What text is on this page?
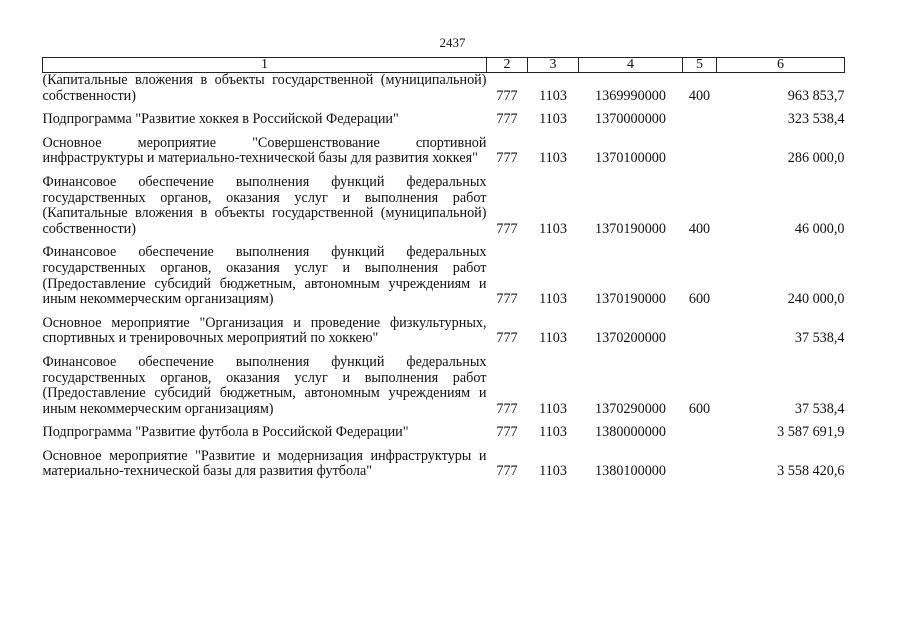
2437
1	2	3	4	5	6
(Капитальные вложения в объекты государственной (муниципальной) собственности)	777	1103	1369990000	400	963 853,7

Подпрограмма "Развитие хоккея в Российской Федерации"	777	1103	1370000000		323 538,4

Основное мероприятие "Совершенствование спортивной инфраструктуры и материально-технической базы для развития хоккея"	777	1103	1370100000		286 000,0

Финансовое обеспечение выполнения функций федеральных государственных органов, оказания услуг и выполнения работ (Капитальные вложения в объекты государственной (муниципальной) собственности)	777	1103	1370190000	400	46 000,0

Финансовое обеспечение выполнения функций федеральных государственных органов, оказания услуг и выполнения работ (Предоставление субсидий бюджетным, автономным учреждениям и иным некоммерческим организациям)	777	1103	1370190000	600	240 000,0

Основное мероприятие "Организация и проведение физкультурных, спортивных и тренировочных мероприятий по хоккею"	777	1103	1370200000		37 538,4

Финансовое обеспечение выполнения функций федеральных государственных органов, оказания услуг и выполнения работ (Предоставление субсидий бюджетным, автономным учреждениям и иным некоммерческим организациям)	777	1103	1370290000	600	37 538,4

Подпрограмма "Развитие футбола в Российской Федерации"	777	1103	1380000000		3 587 691,9

Основное мероприятие "Развитие и модернизация инфраструктуры и материально-технической базы для развития футбола"	777	1103	1380100000		3 558 420,6
